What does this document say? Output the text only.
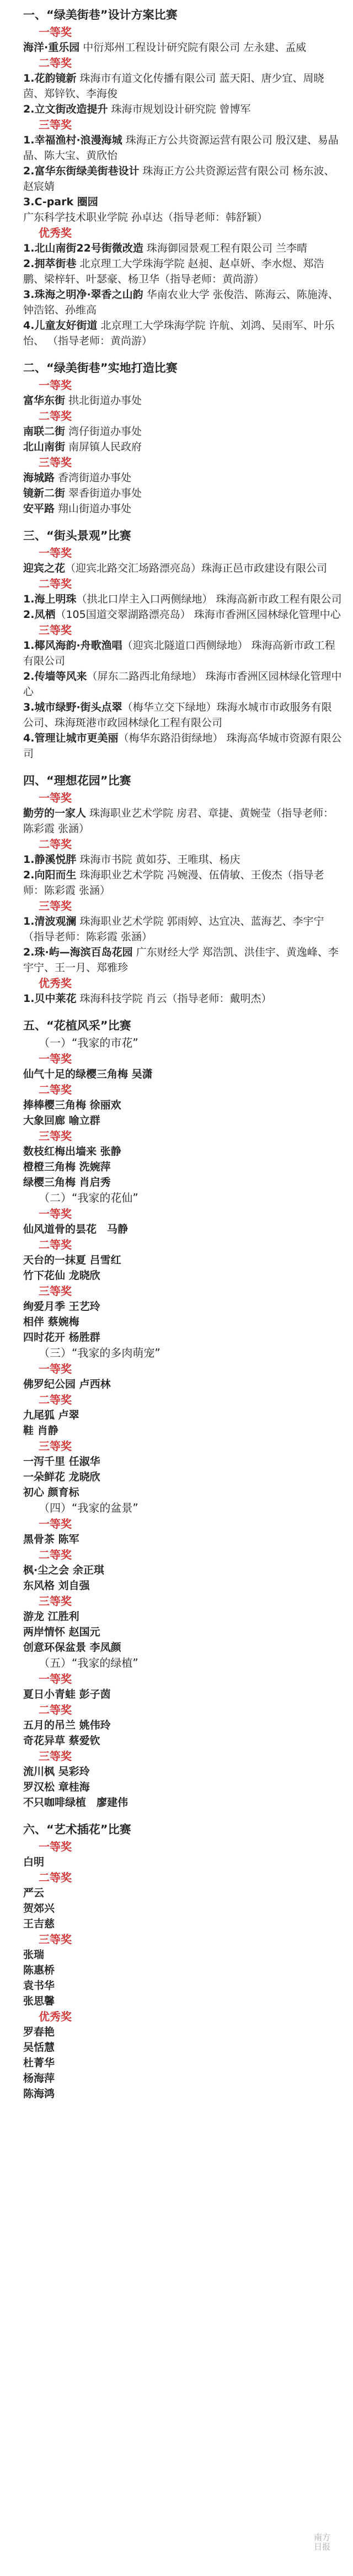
一、“绿美街巷”设计方案比赛
一等奖
海洋·重乐园 中衍郑州工程设计研究院有限公司 左永建、孟威
二等奖
1.花韵镜新 珠海市有道文化传播有限公司 蓝天阳、唐少宜、周晓茵、郑锌钦、李海俊
2.立文街改造提升 珠海市规划设计研究院 曾博军
三等奖
1.幸福渔村·浪漫海城 珠海正方公共资源运营有限公司 殷汉建、易晶晶、陈大宝、黄欣怡
2.富华东街绿美街巷设计 珠海正方公共资源运营有限公司 杨东波、赵宸婧
3.C-park 圈园 广东科学技术职业学院 孙卓达（指导老师：韩舒颖）
优秀奖
1.北山南街22号街微改造 珠海御园景观工程有限公司 兰李晴
2.拥萃街巷 北京理工大学珠海学院 赵昶、赵卓妍、李水煜、郑浩鹏、梁梓轩、叶瑟豪、杨卫华（指导老师：黄尚游）
3.珠海之明净·翠香之山韵 华南农业大学 张俊浩、陈海云、陈施涛、钟浩铭、孙维高
4.儿童友好街道 北京理工大学珠海学院 许航、刘鸿、吴雨军、叶乐怡、 （指导老师：黄尚游）
二、“绿美街巷”实地打造比赛
一等奖
富华东街 拱北街道办事处
二等奖
南联二街 湾仔街道办事处
北山南街 南屏镇人民政府
三等奖
海城路 香湾街道办事处
镜新二街 翠香街道办事处
安平路 翔山街道办事处
三、“街头景观”比赛
一等奖
迎宾之花（迎宾北路交汇场路漂亮岛）珠海正邑市政建设有限公司
二等奖
1.海上明珠（拱北口岸主入口两侧绿地） 珠海高新市政工程有限公司
2.凤栖（105国道交翠湖路漂亮岛） 珠海市香洲区园林绿化管理中心
三等奖
1.椰风海韵·舟歌渔唱（迎宾北隧道口西侧绿地） 珠海高新市政工程有限公司
2.传墙等风来（屏东二路西北角绿地） 珠海市香洲区园林绿化管理中心
3.城市绿野·街头点翠（梅华立交下绿地）珠海水城市市政服务有限公司、珠海斑港市政园林绿化工程有限公司
4.管理让城市更美丽（梅华东路沿街绿地） 珠海高华城市资源有限公司
四、“理想花园”比赛
一等奖
勤劳的一家人 珠海职业艺术学院 房君、章捷、黄婉莹（指导老师：陈彩霞 张涵）
二等奖
1.静溪悦胖 珠海市书院 黄如芬、王唯琪、杨庆
2.向阳而生 珠海职业艺术学院 冯婉漫、伍倩敏、王俊杰（指导老师：陈彩霞 张涵）
三等奖
1.清波观澜 珠海职业艺术学院 郭雨婷、达宜决、蓝海艺、李宇宁（指导老师：陈彩霞 张涵）
2.珠·屿—海滨百岛花园 广东财经大学 郑浩凯、洪佳宇、黄逸峰、李宇宁、王一月、郑雅珍
优秀奖
1.贝中莱花 珠海科技学院 肖云（指导老师：戴明杰）
五、“花植风采”比赛
（一）“我家的市花”
一等奖
仙气十足的绿樱三角梅 吴潇
二等奖
捧棒樱三角梅 徐丽欢
大象回廊 喻立群
三等奖
数枝红梅出墙来 张静
橙橙三角梅 洗婉萍
绿樱三角梅 肖启秀
（二）“我家的花仙”
一等奖
仙风道骨的昙花　马静
二等奖
天台的一抹夏 吕雪红
竹下花仙 龙晓欣
三等奖
绚爱月季 王艺玲
相伴 蔡婉梅
四时花开 杨胜群
（三）“我家的多肉萌宠”
一等奖
佛罗纪公园 卢西林
二等奖
九尾狐 卢翠
鞋 肖静
三等奖
一泻千里 任淑华
一朵鲜花 龙晓欣
初心 颜育标
（四）“我家的盆景”
一等奖
黑骨茶 陈军
二等奖
枫·尘之会 余正琪
东风格 刘自强
三等奖
游龙 江胜利
两岸情怀 赵国元
创意环保盆景 李凤颜
（五）“我家的绿植”
一等奖
夏日小青蛙 彭子茵
二等奖
五月的吊兰 姚伟玲
奇花异草 蔡爱钦
三等奖
流川枫 吴彩玲
罗汉松 章桂海
不只咖啡绿植　廖建伟
六、“艺术插花”比赛
一等奖
白明
二等奖
严云
贺郊兴
王吉慈
三等奖
张瑞
陈惠桥
袁书华
张思馨
优秀奖
罗春艳
吴恬慧
杜菁华
杨海萍
陈海鸿
南方
日报
